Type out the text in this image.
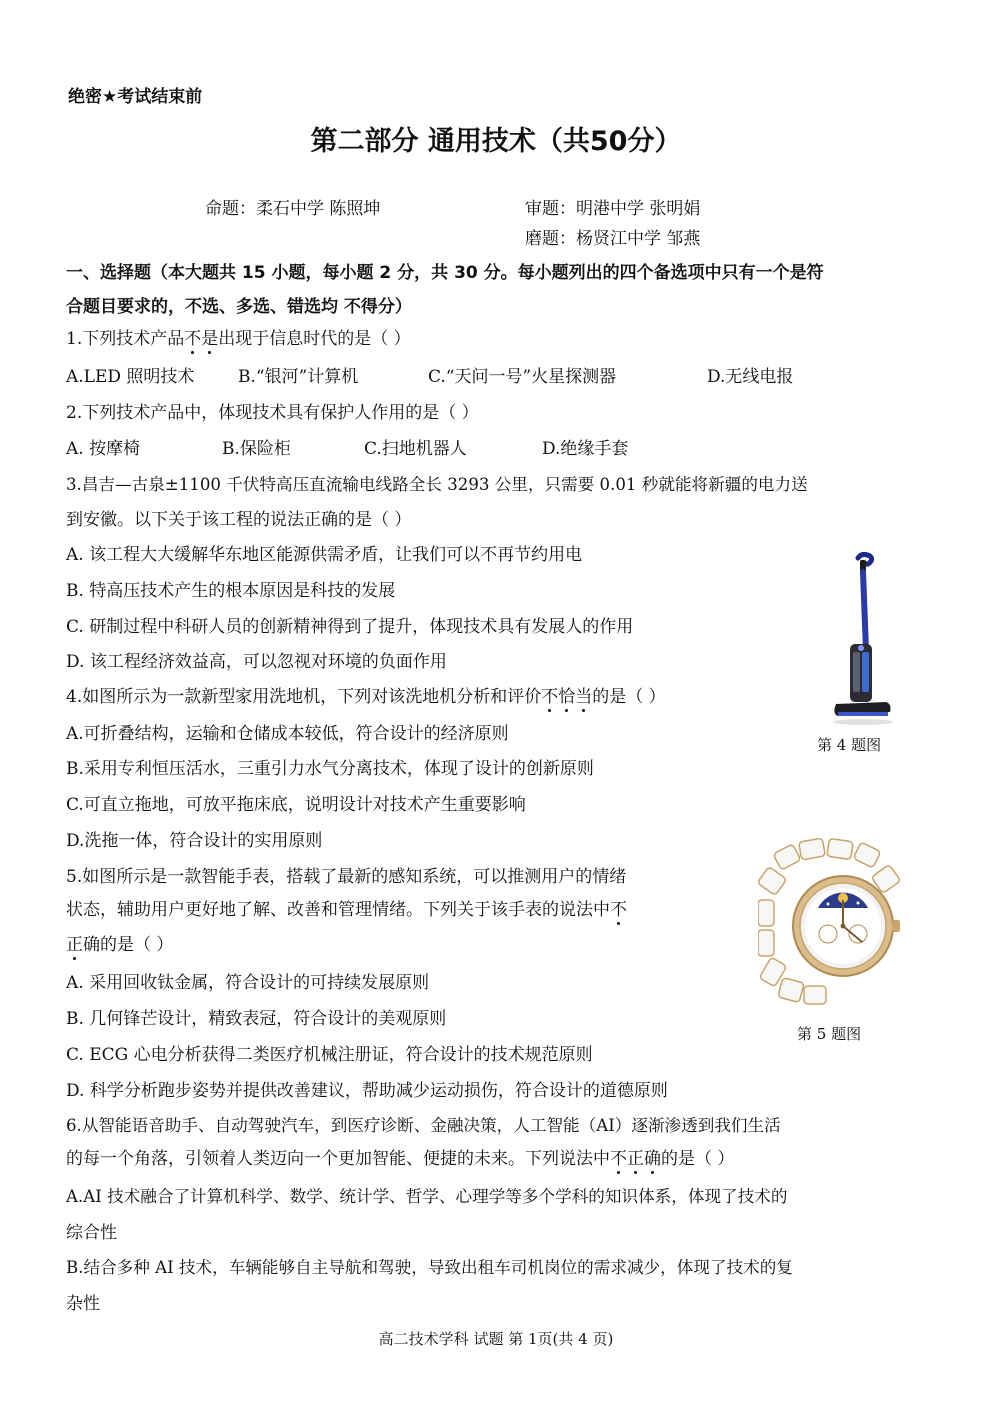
绝密★考试结束前
第二部分 通用技术（共50分）
命题：柔石中学 陈照坤	审题：明港中学 张明娟
磨题：杨贤江中学 邹燕
一、选择题（本大题共 15 小题，每小题 2 分，共 30 分。每小题列出的四个备选项中只有一个是符
合题目要求的，不选、多选、错选均 不得分）
1.下列技术产品不是出现于信息时代的是（ ）
A.LED 照明技术	B.“银河”计算机	C.“天问一号”火星探测器	D.无线电报
2.下列技术产品中，体现技术具有保护人作用的是（ ）
A. 按摩椅	B.保险柜	C.扫地机器人	D.绝缘手套
3.昌吉—古泉±1100 千伏特高压直流输电线路全长 3293 公里，只需要 0.01 秒就能将新疆的电力送
到安徽。以下关于该工程的说法正确的是（ ）
A. 该工程大大缓解华东地区能源供需矛盾，让我们可以不再节约用电
B. 特高压技术产生的根本原因是科技的发展
C. 研制过程中科研人员的创新精神得到了提升，体现技术具有发展人的作用
D. 该工程经济效益高，可以忽视对环境的负面作用
第 4 题图
4.如图所示为一款新型家用洗地机，下列对该洗地机分析和评价不恰当的是（ ）
A.可折叠结构，运输和仓储成本较低，符合设计的经济原则
B.采用专利恒压活水，三重引力水气分离技术，体现了设计的创新原则
C.可直立拖地，可放平拖床底，说明设计对技术产生重要影响
D.洗拖一体，符合设计的实用原则
第 5 题图
5.如图所示是一款智能手表，搭载了最新的感知系统，可以推测用户的情绪
状态，辅助用户更好地了解、改善和管理情绪。下列关于该手表的说法中不
正确的是（ ）
A. 采用回收钛金属，符合设计的可持续发展原则
B. 几何锋芒设计，精致表冠，符合设计的美观原则
C. ECG 心电分析获得二类医疗机械注册证，符合设计的技术规范原则
D. 科学分析跑步姿势并提供改善建议，帮助减少运动损伤，符合设计的道德原则
6.从智能语音助手、自动驾驶汽车，到医疗诊断、金融决策，人工智能（AI）逐渐渗透到我们生活
的每一个角落，引领着人类迈向一个更加智能、便捷的未来。下列说法中不正确的是（ ）
A.AI 技术融合了计算机科学、数学、统计学、哲学、心理学等多个学科的知识体系，体现了技术的
综合性
B.结合多种 AI 技术，车辆能够自主导航和驾驶，导致出租车司机岗位的需求减少，体现了技术的复
杂性
高二技术学科 试题 第 1页(共 4 页)
